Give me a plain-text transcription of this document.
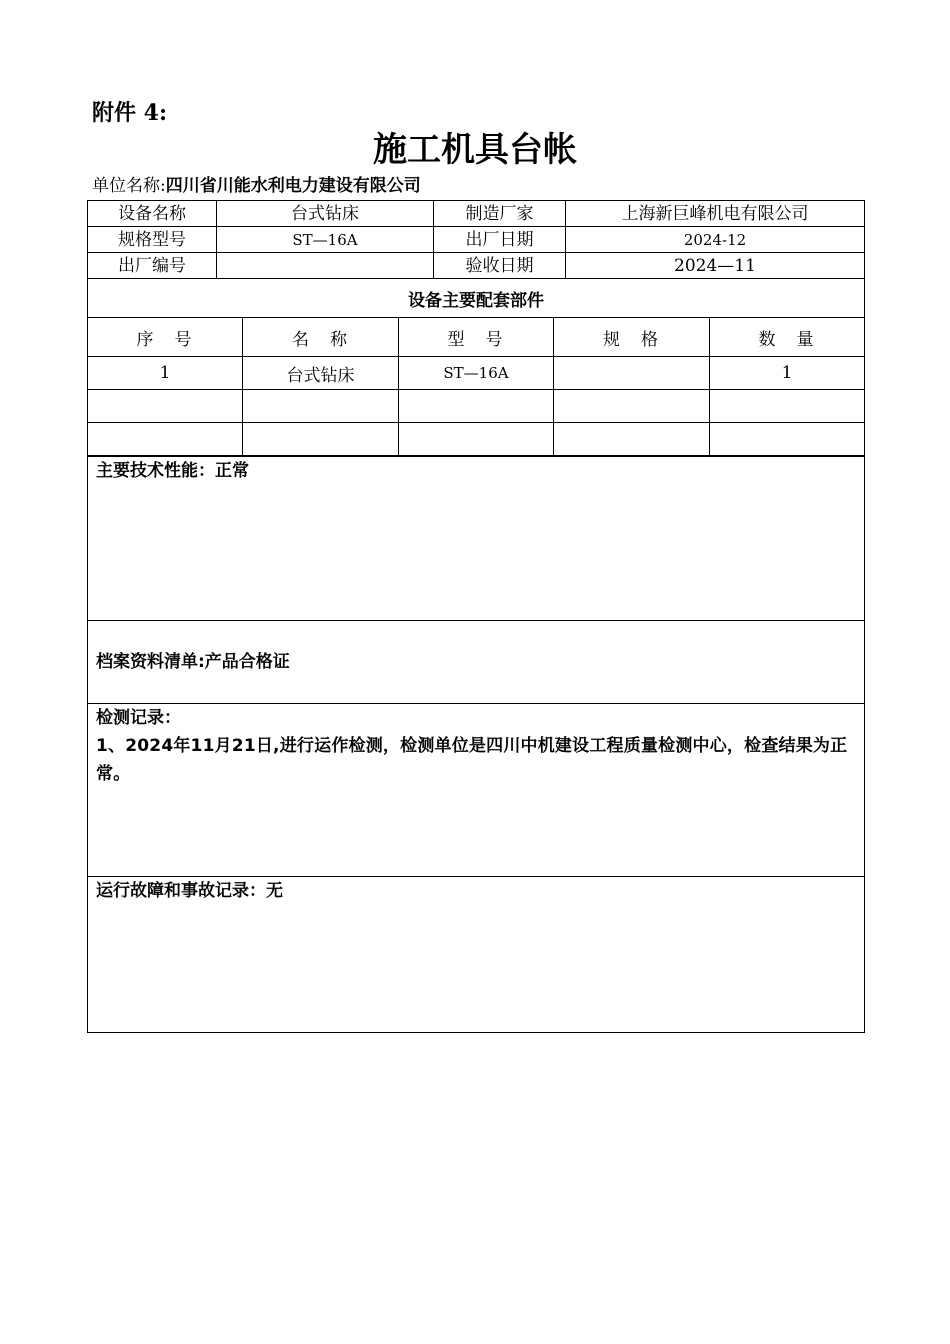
附件 4:
施工机具台帐
单位名称:四川省川能水利电力建设有限公司
设备名称	台式钻床	制造厂家	上海新巨峰机电有限公司
规格型号	ST—16A	出厂日期	2024-12
出厂编号		验收日期	2024—11
设备主要配套部件				
序　号	名　称	型　号	规　格	数　量
1	台式钻床	ST—16A		1

主要技术性能：正常
档案资料清单:产品合格证

检测记录：
1、2024年11月21日,进行运作检测，检测单位是四川中机建设工程质量检测中心，检查结果为正常。

运行故障和事故记录：无
